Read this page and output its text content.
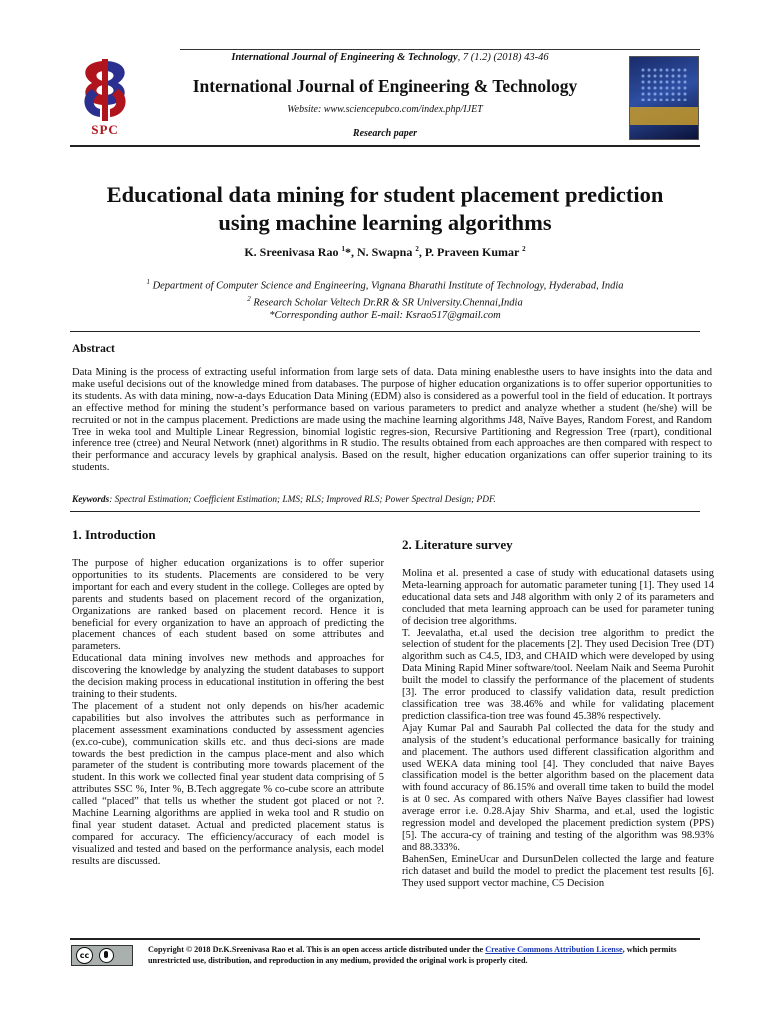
International Journal of Engineering & Technology, 7 (1.2) (2018) 43-46
SPC
International Journal of Engineering & Technology
Website: www.sciencepubco.com/index.php/IJET
Research paper
Educational data mining for student placement prediction
using machine learning algorithms
K. Sreenivasa Rao $^1$*, N. Swapna $^2$, P. Praveen Kumar $^2$
$^1$ Department of Computer Science and Engineering, Vignana Bharathi Institute of Technology, Hyderabad, India
$^2$ Research Scholar Veltech Dr.RR & SR University.Chennai,India
*Corresponding author E-mail: Ksrao517@gmail.com
Abstract
Data Mining is the process of extracting useful information from large sets of data. Data mining enablesthe users to have insights into the data and make useful decisions out of the knowledge mined from databases. The purpose of higher education organizations is to offer superior opportunities to its students. As with data mining, now-a-days Education Data Mining (EDM) also is considered as a powerful tool in the field of education. It portrays an effective method for mining the student’s performance based on various parameters to predict and analyze whether a student (he/she) will be recruited or not in the campus placement. Predictions are made using the machine learning algorithms J48, Naïve Bayes, Random Forest, and Random Tree in weka tool and Multiple Linear Regression, binomial logistic regres-sion, Recursive Partitioning and Regression Tree (rpart), conditional inference tree (ctree) and Neural Network (nnet) algorithms in R studio. The results obtained from each approaches are then compared with respect to their performance and accuracy levels by graphical analysis. Based on the result, higher education organizations can offer superior training to its students.
Keywords: Spectral Estimation; Coefficient Estimation; LMS; RLS; Improved RLS; Power Spectral Design; PDF.
1. Introduction

The purpose of higher education organizations is to offer superior opportunities to its students. Placements are considered to be very important for each and every student in the college. Colleges are opted by parents and students based on placement record of the organization, Organizations are ranked based on placement record. Hence it is beneficial for every organization to have an approach of predicting the placement chances of each student based on some attributes and parameters.

Educational data mining involves new methods and approaches for discovering the knowledge by analyzing the student databases to support the decision making process in educational institution in offering the best training to their students.

The placement of a student not only depends on his/her academic capabilities but also involves the attributes such as performance in placement assessment examinations conducted by assessment agencies (ex.co-cube), communication skills etc. and thus deci-sions are made towards the best prediction in the campus place-ment and also which parameter of the student is contributing more towards placement of the student. In this work we collected final year student data comprising of 5 attributes SSC %, Inter %, B.Tech aggregate % co-cube score an attribute called “placed” that tells us whether the student got placed or not ?. Machine Learning algorithms are applied in weka tool and R studio on final year student dataset. Actual and predicted placement status is compared for accuracy. The efficiency/accuracy of each model is visualized and tested and based on the performance analysis, each model results are discussed.

2. Literature survey

Molina et al. presented a case of study with educational datasets using Meta-learning approach for automatic parameter tuning [1]. They used 14 educational data sets and J48 algorithm with only 2 of its parameters and concluded that meta learning approach can be used for parameter tuning of decision tree algorithms.

T. Jeevalatha, et.al used the decision tree algorithm to predict the selection of student for the placements [2]. They used Decision Tree (DT) algorithm such as C4.5, ID3, and CHAID which were developed by using Data Mining Rapid Miner software/tool. Neelam Naik and Seema Purohit built the model to classify the performance of the placement of students [3]. The error produced to classify validation data, result prediction classification tree was 38.46% and while for validating placement prediction classifica-tion tree was found 45.38% respectively.

Ajay Kumar Pal and Saurabh Pal collected the data for the study and analysis of the student’s educational performance basically for training and placement. The authors used different classification algorithm and used WEKA data mining tool [4]. They concluded that naive Bayes classification model is the better algorithm based on the placement data with found accuracy of 86.15% and overall time taken to build the model is at 0 sec. As compared with others Naïve Bayes classifier had lowest average error i.e. 0.28.Ajay Shiv Sharma, and et.al, used the logistic regression model and developed the placement prediction system (PPS) [5]. The accura-cy of training and testing of the algorithm was 98.93% and 88.333%.

BahenSen, EmineUcar and DursunDelen collected the large and feature rich dataset and build the model to predict the placement test results [6]. They used support vector machine, C5 Decision

cc
Copyright © 2018 Dr.K.Sreenivasa Rao et al. This is an open access article distributed under the Creative Commons Attribution License, which permits unrestricted use, distribution, and reproduction in any medium, provided the original work is properly cited.
